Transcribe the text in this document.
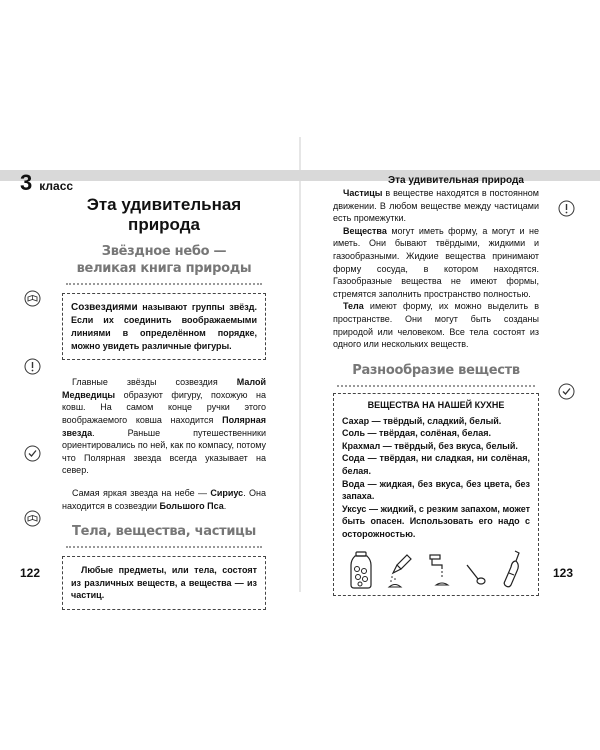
3 класс	Эта удивительная природа
Эта удивительная
природа
Звёздное небо —
великая книга природы

Созвездиями называют группы звёзд. Если их соединить воображаемыми линиями в определённом порядке, можно увидеть различные фигуры.

Главные звёзды созвездия Малой Медведицы образуют фигуру, похожую на ковш. На самом конце ручки этого воображаемого ковша находится Полярная звезда. Раньше путешественники ориентировались по ней, как по компасу, потому что Полярная звезда всегда указывает на север.

Самая яркая звезда на небе — Сириус. Она находится в созвездии Большого Пса.

Тела, вещества, частицы

Любые предметы, или тела, состоят из различных веществ, а вещества — из частиц.

Частицы в веществе находятся в постоянном движении. В любом веществе между частицами есть промежутки.

Вещества могут иметь форму, а могут и не иметь. Они бывают твёрдыми, жидкими и газообразными. Жидкие вещества принимают форму сосуда, в котором находятся. Газообразные вещества не имеют формы, стремятся заполнить пространство полностью.

Тела имеют форму, их можно выделить в пространстве. Они могут быть созданы природой или человеком. Все тела состоят из одного или нескольких веществ.

Разнообразие веществ
ВЕЩЕСТВА НА НАШЕЙ КУХНЕ

Сахар — твёрдый, сладкий, белый.

Соль — твёрдая, солёная, белая.

Крахмал — твёрдый, без вкуса, белый.

Сода — твёрдая, ни сладкая, ни солёная, белая.

Вода — жидкая, без вкуса, без цвета, без запаха.

Уксус — жидкий, с резким запахом, может быть опасен. Использовать его надо с осторожностью.

122	123
